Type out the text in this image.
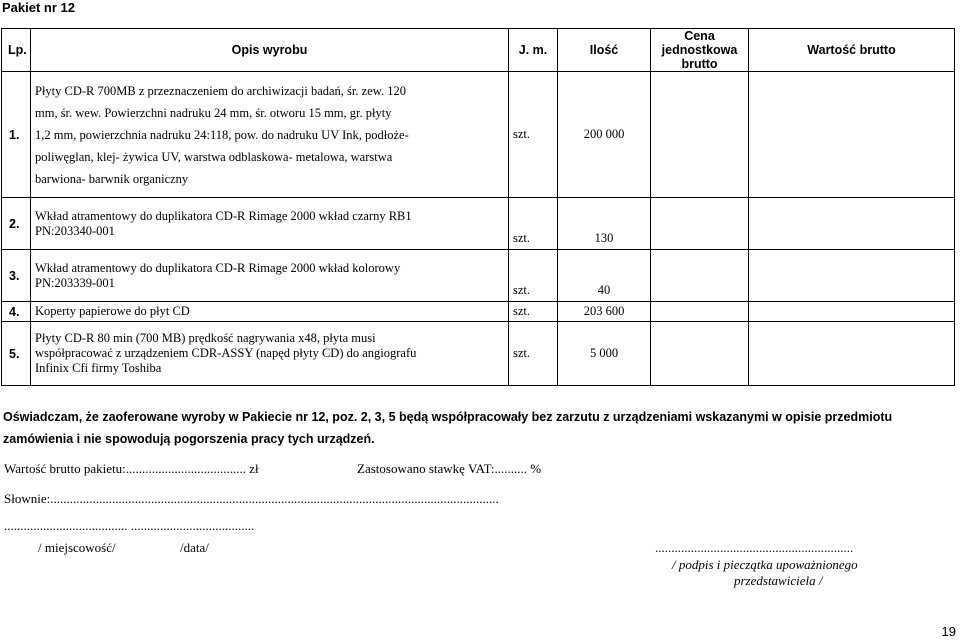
Pakiet nr 12
Lp.	Opis wyrobu	J. m.	Ilość	Cena jednostkowa
brutto	Wartość brutto
1.	Płyty CD-R 700MB z przeznaczeniem do archiwizacji badań, śr. zew. 120
mm, śr. wew. Powierzchni nadruku 24 mm, śr. otworu 15 mm, gr. płyty
1,2 mm, powierzchnia nadruku 24:118, pow. do nadruku UV Ink, podłoże-
poliwęglan, klej- żywica UV, warstwa odblaskowa- metalowa, warstwa
barwiona- barwnik organiczny	szt.	200 000		
2.	Wkład atramentowy do duplikatora CD-R Rimage 2000 wkład czarny RB1
PN:203340-001	szt.	130		
3.	Wkład atramentowy do duplikatora CD-R Rimage 2000 wkład kolorowy
PN:203339-001	szt.	40		
4.	Koperty papierowe do płyt CD	szt.	203 600		
5.	Płyty CD-R 80 min (700 MB) prędkość nagrywania x48, płyta musi
współpracować z urządzeniem CDR-ASSY (napęd płyty CD) do angiografu
Infinix Cfi firmy Toshiba	szt.	5 000		
Oświadczam, że zaoferowane wyroby w Pakiecie nr 12, poz. 2, 3, 5 będą współpracowały bez zarzutu z urządzeniami wskazanymi w opisie przedmiotu
zamówienia i nie spowodują pogorszenia pracy tych urządzeń.
Wartość brutto pakietu:..................................... zł	Zastosowano stawkę VAT:.......... %
Słownie:..........................................................................................................................................
...................................... ......................................
/ miejscowość/	/data/	.............................................................
/ podpis i pieczątka upoważnionego
przedstawiciela /
19
